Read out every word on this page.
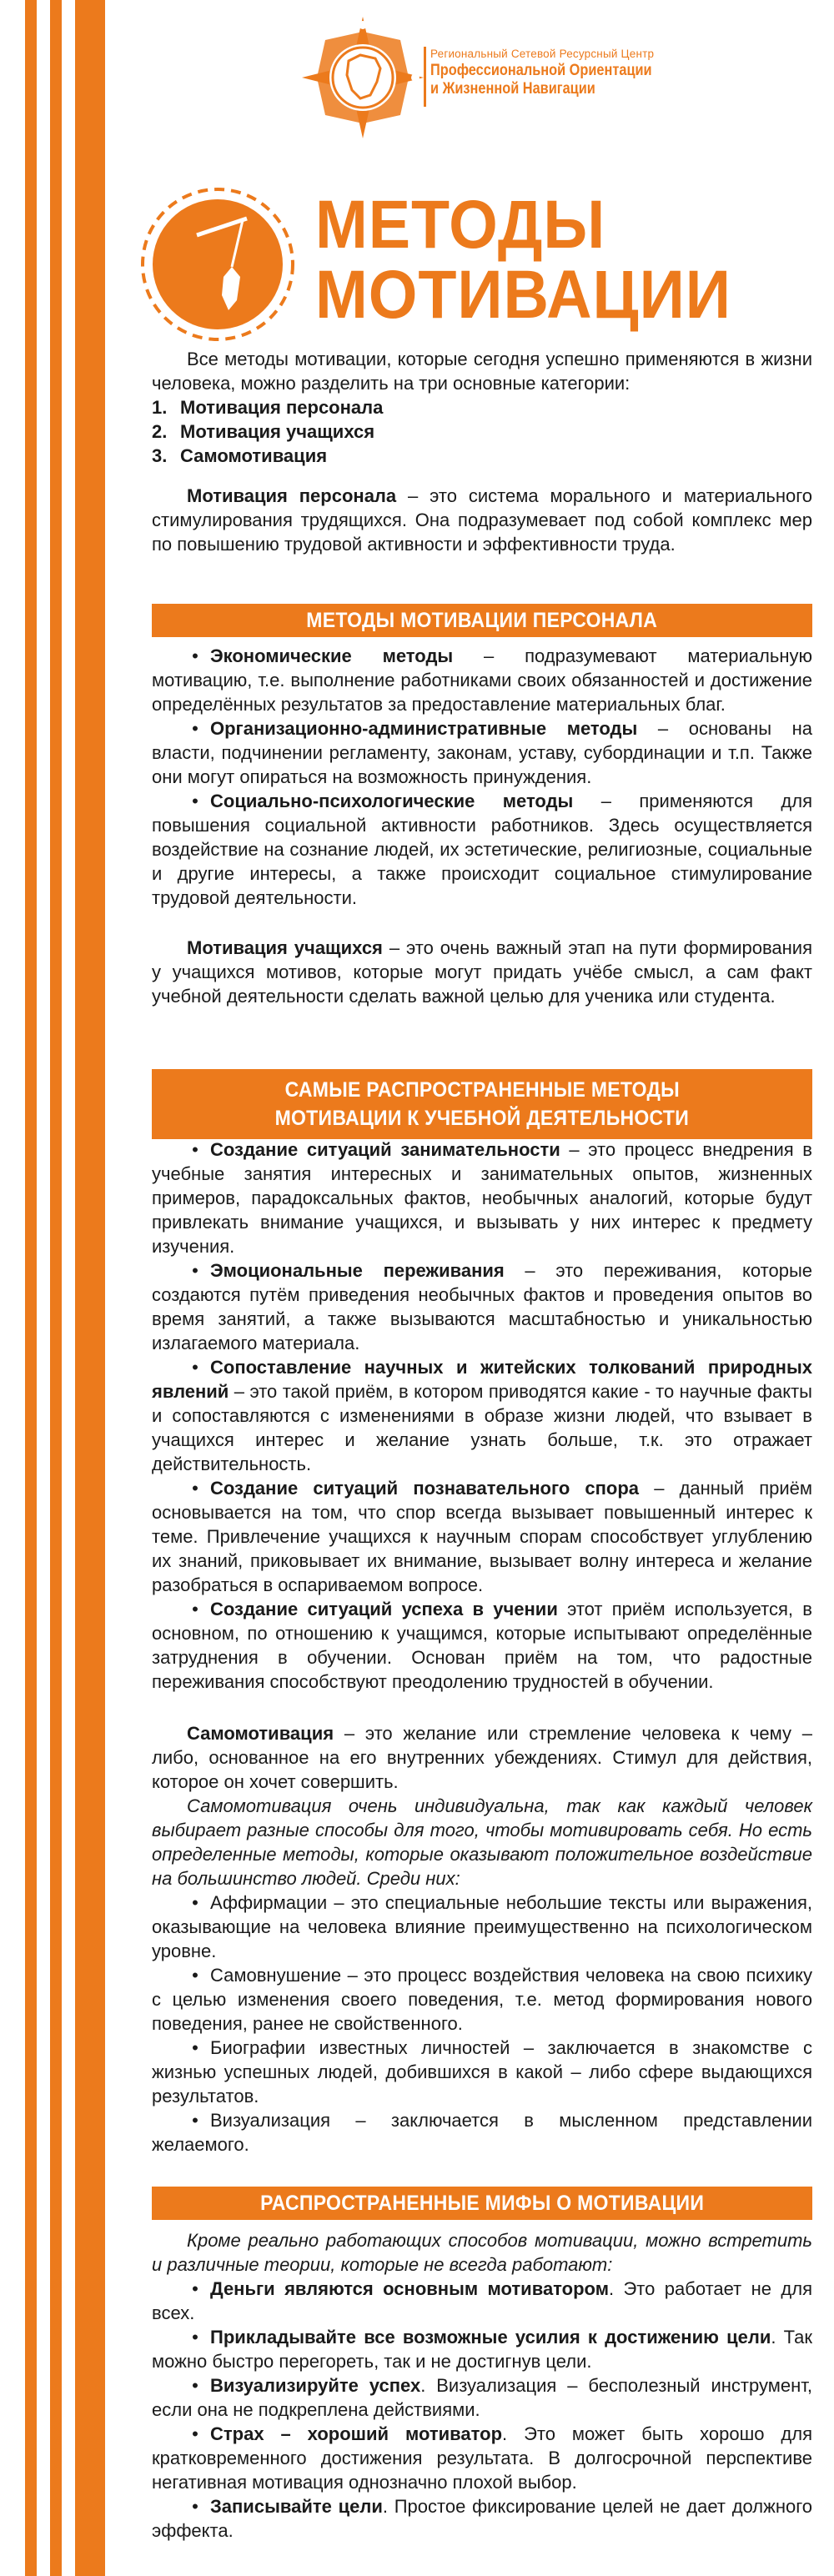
Региональный Сетевой Ресурсный Центр
Профессиональной Ориентации
и Жизненной Навигации
МЕТОДЫ
МОТИВАЦИИ

Все методы мотивации, которые сегодня успешно применяются в жизни человека, можно разделить на три основные категории:

1. Мотивация персонала
2. Мотивация учащихся
3. Самомотивация

Мотивация персонала – это система морального и материального стимулирования трудящихся. Она подразумевает под собой комплекс мер по повышению трудовой активности и эффективности труда.

МЕТОДЫ МОТИВАЦИИ ПЕРСОНАЛА

• Экономические методы – подразумевают материальную мотивацию, т.е. выполнение работниками своих обязанностей и достижение определённых результатов за предоставление материальных благ.

• Организационно-административные методы – основаны на власти, подчинении регламенту, законам, уставу, субординации и т.п. Также они могут опираться на возможность принуждения.

• Социально-психологические методы – применяются для повышения социальной активности работников. Здесь осуществляется воздействие на сознание людей, их эстетические, религиозные, социальные и другие интересы, а также происходит социальное стимулирование трудовой деятельности.

Мотивация учащихся – это очень важный этап на пути формирования у учащихся мотивов, которые могут придать учёбе смысл, а сам факт учебной деятельности сделать важной целью для ученика или студента.

САМЫЕ РАСПРОСТРАНЕННЫЕ МЕТОДЫ
МОТИВАЦИИ К УЧЕБНОЙ ДЕЯТЕЛЬНОСТИ

• Создание ситуаций занимательности – это процесс внедрения в учебные занятия интересных и занимательных опытов, жизненных примеров, парадоксальных фактов, необычных аналогий, которые будут привлекать внимание учащихся, и вызывать у них интерес к предмету изучения.

• Эмоциональные переживания – это переживания, которые создаются путём приведения необычных фактов и проведения опытов во время занятий, а также вызываются масштабностью и уникальностью излагаемого материала.

• Сопоставление научных и житейских толкований природных явлений – это такой приём, в котором приводятся какие - то научные факты и сопоставляются с изменениями в образе жизни людей, что взывает в учащихся интерес и желание узнать больше, т.к. это отражает действительность.

• Создание ситуаций познавательного спора – данный приём основывается на том, что спор всегда вызывает повышенный интерес к теме. Привлечение учащихся к научным спорам способствует углублению их знаний, приковывает их внимание, вызывает волну интереса и желание разобраться в оспариваемом вопросе.

• Создание ситуаций успеха в учении этот приём используется, в основном, по отношению к учащимся, которые испытывают определённые затруднения в обучении. Основан приём на том, что радостные переживания способствуют преодолению трудностей в обучении.

Самомотивация – это желание или стремление человека к чему – либо, основанное на его внутренних убеждениях. Стимул для действия, которое он хочет совершить.

Самомотивация очень индивидуальна, так как каждый человек выбирает разные способы для того, чтобы мотивировать себя. Но есть определенные методы, которые оказывают положительное воздействие на большинство людей. Среди них:

• Аффирмации – это специальные небольшие тексты или выражения, оказывающие на человека влияние преимущественно на психологическом уровне.

• Самовнушение – это процесс воздействия человека на свою психику с целью изменения своего поведения, т.е. метод формирования нового поведения, ранее не свойственного.

• Биографии известных личностей – заключается в знакомстве с жизнью успешных людей, добившихся в какой – либо сфере выдающихся результатов.

• Визуализация – заключается в мысленном представлении желаемого.

РАСПРОСТРАНЕННЫЕ МИФЫ О МОТИВАЦИИ

Кроме реально работающих способов мотивации, можно встретить и различные теории, которые не всегда работают:

• Деньги являются основным мотиватором. Это работает не для всех.

• Прикладывайте все возможные усилия к достижению цели. Так можно быстро перегореть, так и не достигнув цели.

• Визуализируйте успех. Визуализация – бесполезный инструмент, если она не подкреплена действиями.

• Страх – хороший мотиватор. Это может быть хорошо для кратковременного достижения результата. В долгосрочной перспективе негативная мотивация однозначно плохой выбор.

• Записывайте цели. Простое фиксирование целей не дает должного эффекта.
